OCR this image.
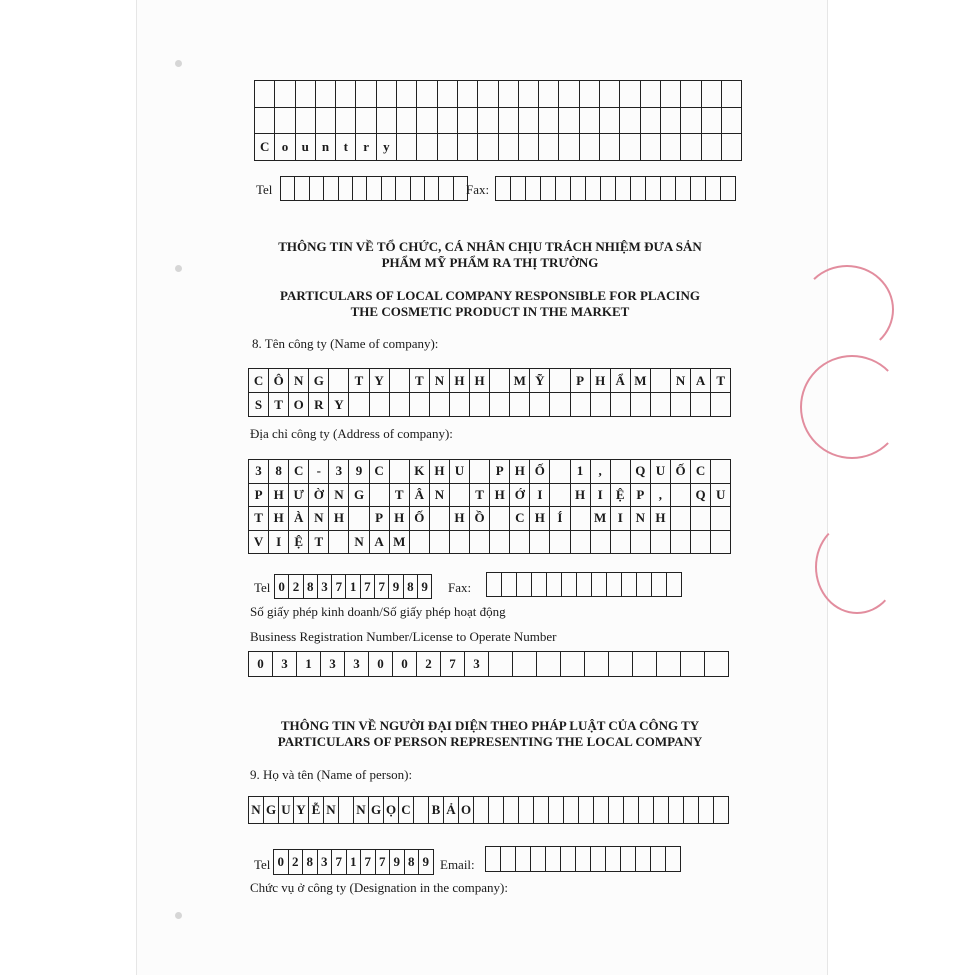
C o	u	n	t	r	y
Tel	Fax:
THÔNG TIN VỀ TỔ CHỨC, CÁ NHÂN CHỊU TRÁCH NHIỆM ĐƯA SẢN
PHẨM MỸ PHẨM RA THỊ TRƯỜNG
PARTICULARS OF LOCAL COMPANY RESPONSIBLE FOR PLACING
THE COSMETIC PRODUCT IN THE MARKET
8. Tên công ty (Name of company):
C Ô N G	T Y	T N H H	M Ỹ	P H Ẩ M	N A T
S T O R Y
Địa chỉ công ty (Address of company):
3	8 C	-	3	9 C	K H U	P H Ố	1	,	Q U Ố C
P H Ư Ờ N G	T Â N	T H Ớ I	H I	Ệ P	,	Q U
T H À N H	P H Ố	H Ồ	C H Í	M I N H
V I	Ệ T	N A M
Tel 0 2 8 3 7 1 7 7 9 8 9	Fax:
Số giấy phép kinh doanh/Số giấy phép hoạt động
Business Registration Number/License to Operate Number
0	3	1	3	3	0	0	2	7	3
THÔNG TIN VỀ NGƯỜI ĐẠI DIỆN THEO PHÁP LUẬT CỦA CÔNG TY
PARTICULARS OF PERSON REPRESENTING THE LOCAL COMPANY
9. Họ và tên (Name of person):
N G U Y Ễ N N G Ọ C B Ả O
Tel 0 2 8 3 7 1 7 7 9 8 9 Email:
Chức vụ ở công ty (Designation in the company):
